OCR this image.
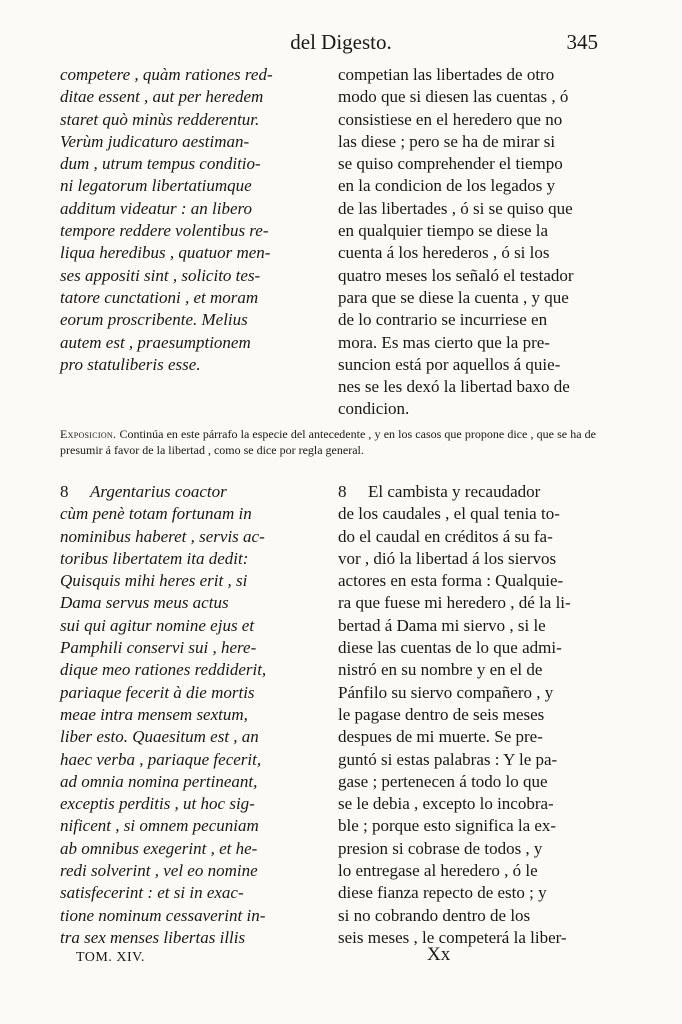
del Digesto.	345
competere , quàm rationes red-
ditae essent , aut per heredem
staret quò minùs redderentur.
Verùm judicaturo aestiman-
dum , utrum tempus conditio-
ni legatorum libertatiumque
additum videatur : an libero
tempore reddere volentibus re-
liqua heredibus , quatuor men-
ses appositi sint , solicito tes-
tatore cunctationi , et moram
eorum proscribente. Melius
autem est , praesumptionem
pro statuliberis esse.
competian las libertades de otro
modo que si diesen las cuentas , ó
consistiese en el heredero que no
las diese ; pero se ha de mirar si
se quiso comprehender el tiempo
en la condicion de los legados y
de las libertades , ó si se quiso que
en qualquier tiempo se diese la
cuenta á los herederos , ó si los
quatro meses los señaló el testador
para que se diese la cuenta , y que
de lo contrario se incurriese en
mora. Es mas cierto que la pre-
suncion está por aquellos á quie-
nes se les dexó la libertad baxo de
condicion.
Exposicion. Continúa en este párrafo la especie del antecedente , y en los casos que propone dice , que se ha de presumir á favor de la libertad , como se dice por regla general.
8 Argentarius coactor
cùm penè totam fortunam in
nominibus haberet , servis ac-
toribus libertatem ita dedit:
Quisquis mihi heres erit , si
Dama servus meus actus
sui qui agitur nomine ejus et
Pamphili conservi sui , here-
dique meo rationes reddiderit,
pariaque fecerit à die mortis
meae intra mensem sextum,
liber esto. Quaesitum est , an
haec verba , pariaque fecerit,
ad omnia nomina pertineant,
exceptis perditis , ut hoc sig-
nificent , si omnem pecuniam
ab omnibus exegerint , et he-
redi solverint , vel eo nomine
satisfecerint : et si in exac-
tione nominum cessaverint in-
tra sex menses libertas illis
8 El cambista y recaudador
de los caudales , el qual tenia to-
do el caudal en créditos á su fa-
vor , dió la libertad á los siervos
actores en esta forma : Qualquie-
ra que fuese mi heredero , dé la li-
bertad á Dama mi siervo , si le
diese las cuentas de lo que admi-
nistró en su nombre y en el de
Pánfilo su siervo compañero , y
le pagase dentro de seis meses
despues de mi muerte. Se pre-
guntó si estas palabras : Y le pa-
gase ; pertenecen á todo lo que
se le debia , excepto lo incobra-
ble ; porque esto significa la ex-
presion si cobrase de todos , y
lo entregase al heredero , ó le
diese fianza repecto de esto ; y
si no cobrando dentro de los
seis meses , le competerá la liber-
TOM. XIV.	Xx
